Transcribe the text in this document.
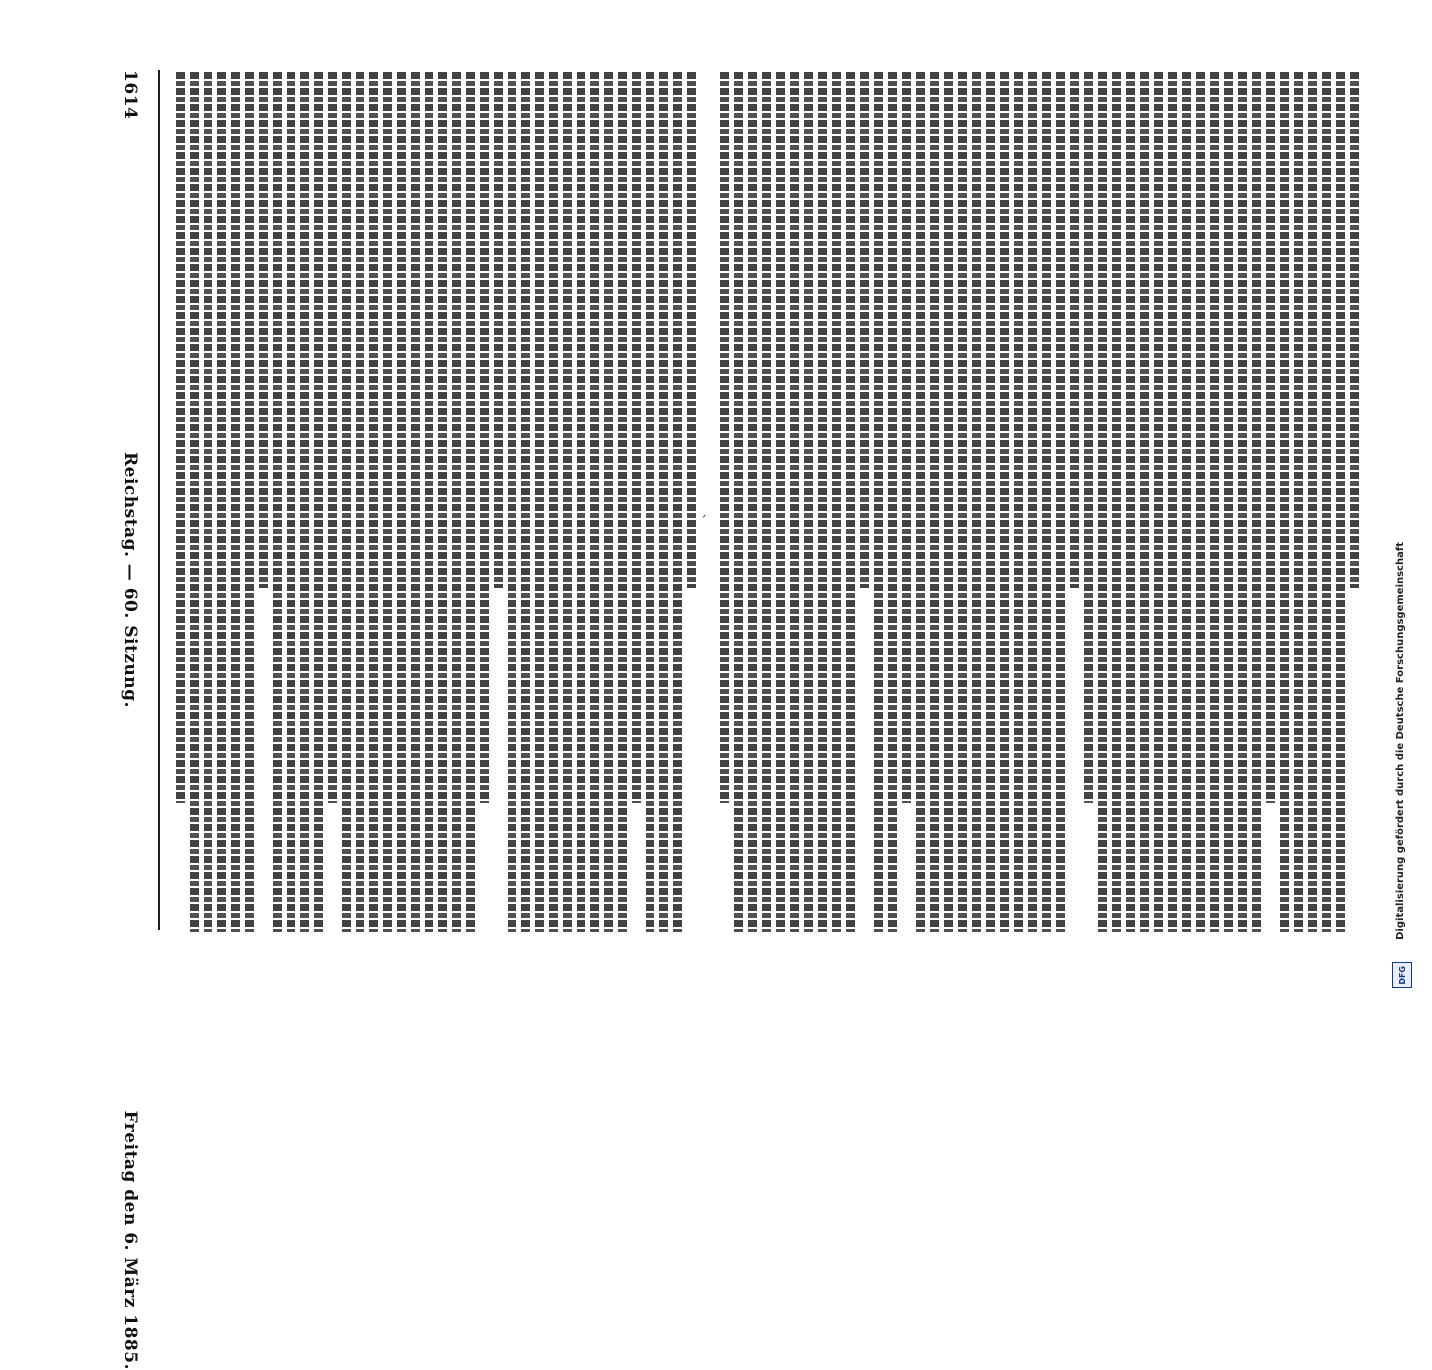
1614
Reichstag. — 60. Sitzung.
Freitag den 6. März 1885.
´
Digitalisierung gefördert durch die Deutsche Forschungsgemeinschaft
DFG
